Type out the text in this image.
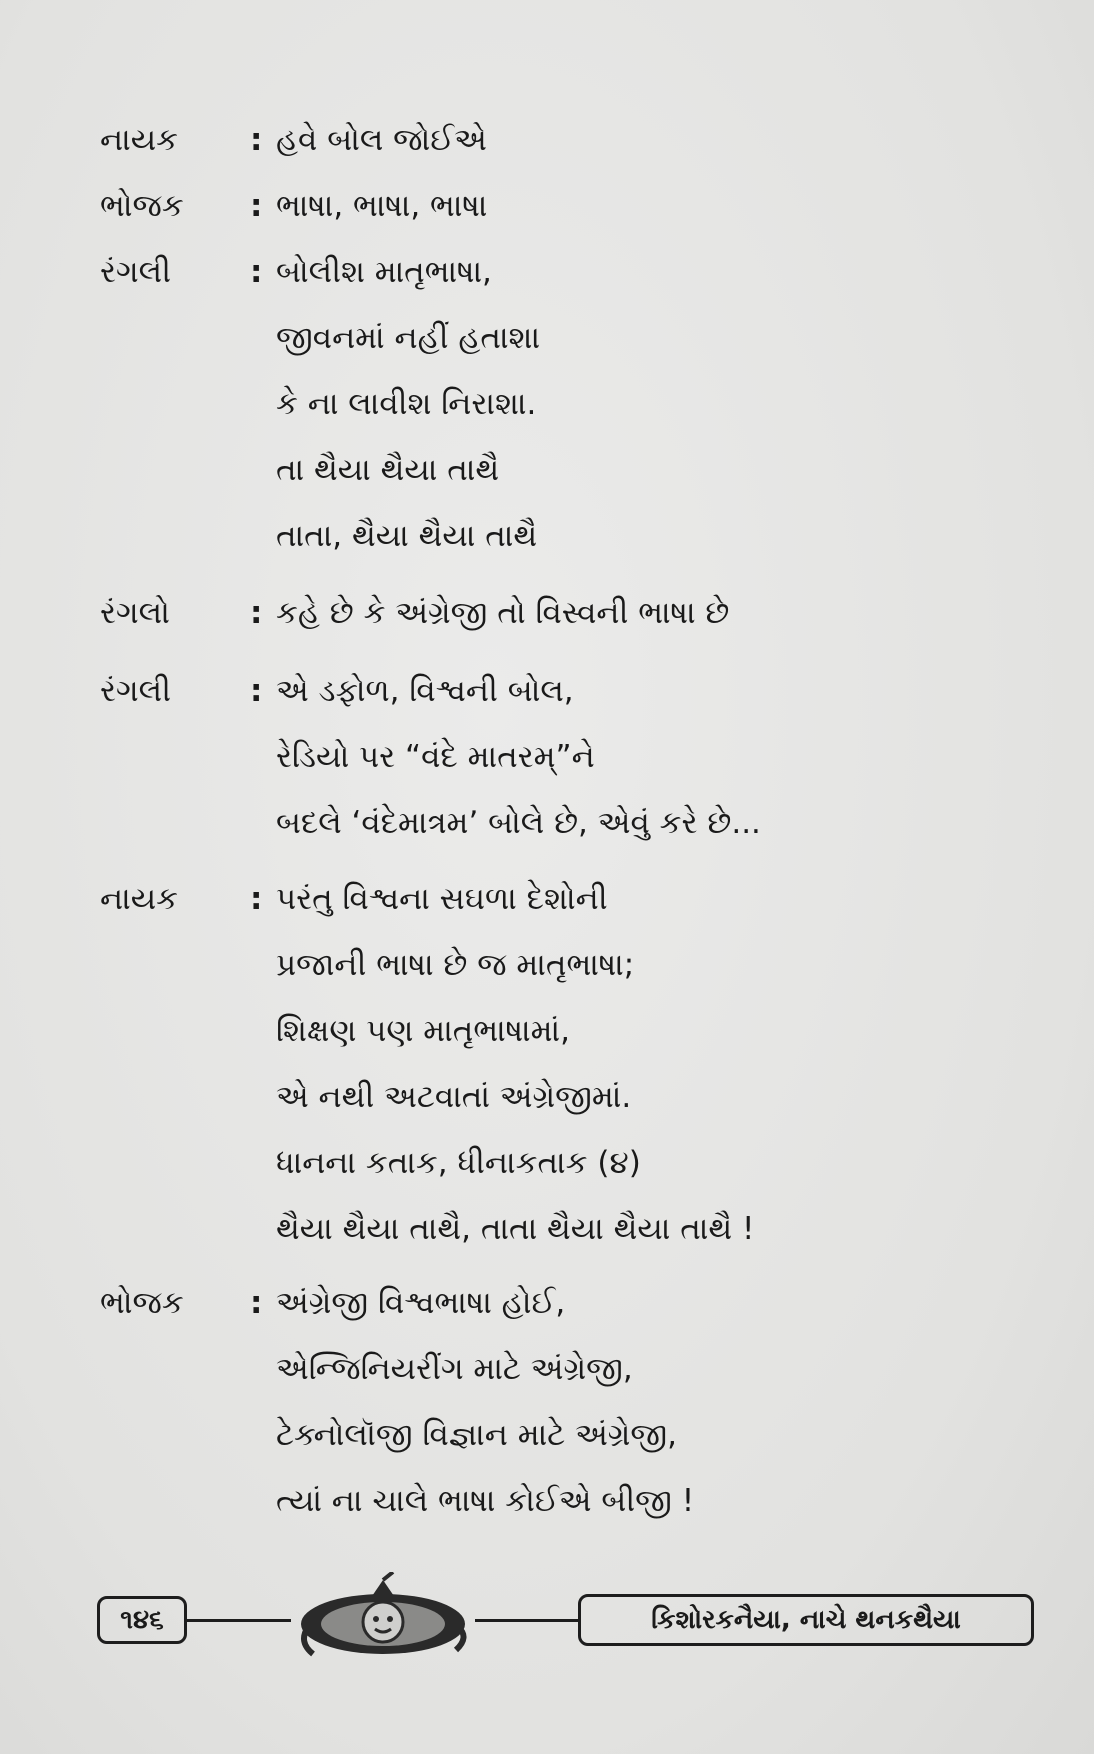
નાયક	: હવે બોલ જોઈએ
ભોજક	: ભાષા, ભાષા, ભાષા
રંગલી	: બોલીશ માતૃભાષા,
જીવનમાં નહીં હતાશા
કે ના લાવીશ નિરાશા.
તા થૈયા થૈયા તાથૈ
તાતા, થૈયા થૈયા તાથૈ
રંગલો	: કહે છે કે અંગ્રેજી તો વિસ્વની ભાષા છે
રંગલી	: એ ડફોળ, વિશ્વની બોલ,
રેડિયો પર “વંદે માતરમ્”ને
બદલે ‘વંદેમાત્રમ’ બોલે છે, એવું કરે છે...
નાયક	: પરંતુ વિશ્વના સઘળા દેશોની
પ્રજાની ભાષા છે જ માતૃભાષા;
શિક્ષણ પણ માતૃભાષામાં,
એ નથી અટવાતાં અંગ્રેજીમાં.
ધાનના કતાક, ધીનાકતાક (૪)
થૈયા થૈયા તાથૈ, તાતા થૈયા થૈયા તાથૈ !
ભોજક	: અંગ્રેજી વિશ્વભાષા હોઈ,
એન્જિનિયરીંગ માટે અંગ્રેજી,
ટેક્નોલૉજી વિજ્ઞાન માટે અંગ્રેજી,
ત્યાં ના ચાલે ભાષા કોઈએ બીજી !
૧૪૬	કિશોરકનૈયા, નાચે થનકથૈયા
